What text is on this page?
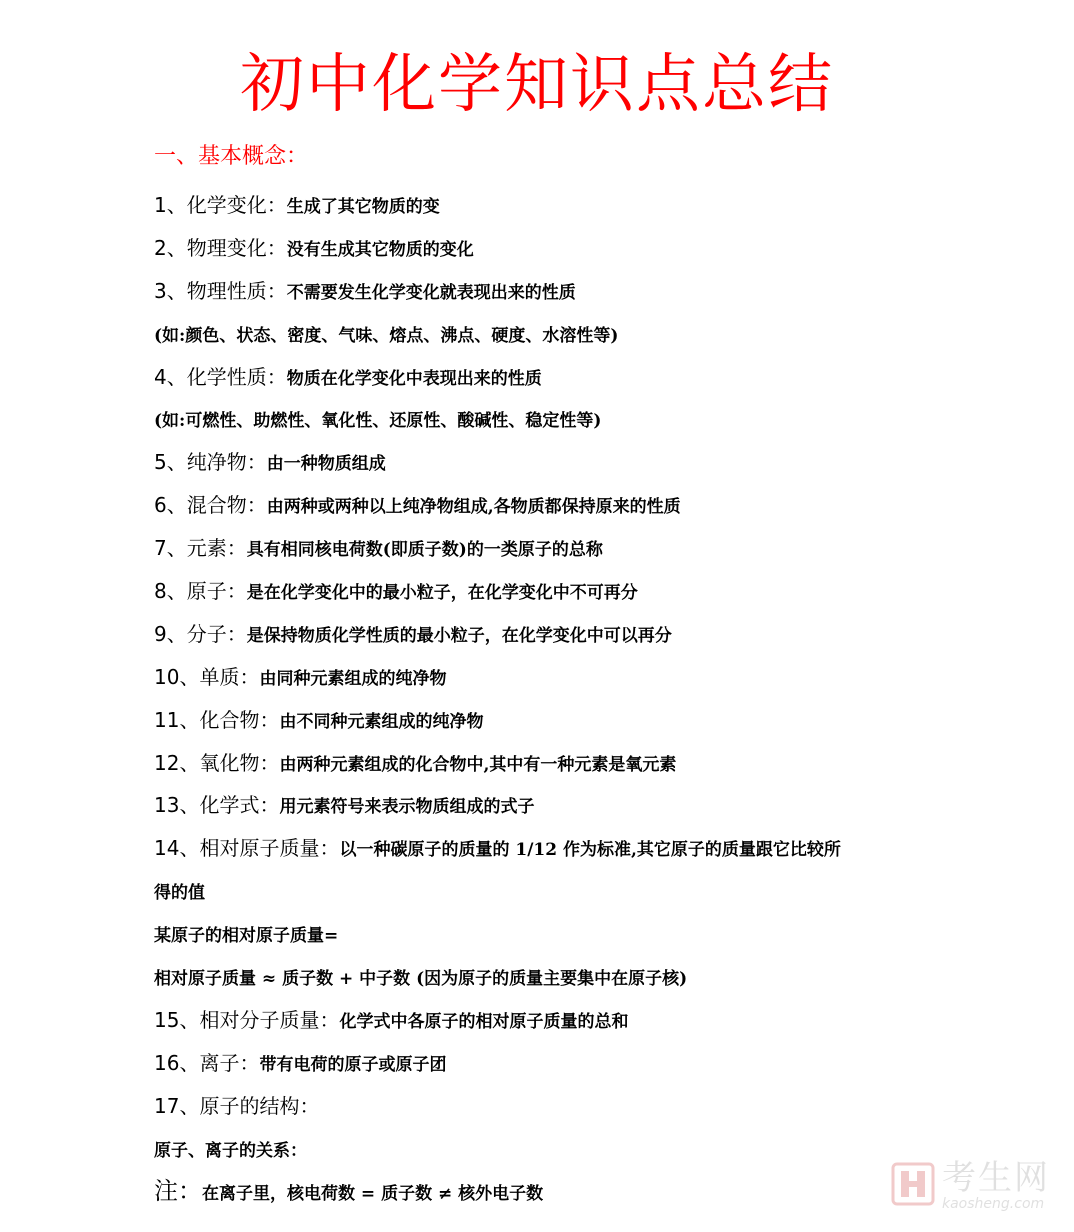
初中化学知识点总结
一、基本概念：
1、化学变化：生成了其它物质的变
2、物理变化：没有生成其它物质的变化
3、物理性质：不需要发生化学变化就表现出来的性质
(如:颜色、状态、密度、气味、熔点、沸点、硬度、水溶性等)
4、化学性质：物质在化学变化中表现出来的性质
(如:可燃性、助燃性、氧化性、还原性、酸碱性、稳定性等)
5、纯净物：由一种物质组成
6、混合物：由两种或两种以上纯净物组成,各物质都保持原来的性质
7、元素：具有相同核电荷数(即质子数)的一类原子的总称
8、原子：是在化学变化中的最小粒子，在化学变化中不可再分
9、分子：是保持物质化学性质的最小粒子，在化学变化中可以再分
10、单质：由同种元素组成的纯净物
11、化合物：由不同种元素组成的纯净物
12、氧化物：由两种元素组成的化合物中,其中有一种元素是氧元素
13、化学式：用元素符号来表示物质组成的式子
14、相对原子质量：以一种碳原子的质量的 1/12 作为标准,其它原子的质量跟它比较所
得的值
某原子的相对原子质量=
相对原子质量 ≈ 质子数 + 中子数 (因为原子的质量主要集中在原子核)
15、相对分子质量：化学式中各原子的相对原子质量的总和
16、离子：带有电荷的原子或原子团
17、原子的结构：
原子、离子的关系：
注：在离子里，核电荷数 = 质子数 ≠ 核外电子数	考生网
kaosheng.com
